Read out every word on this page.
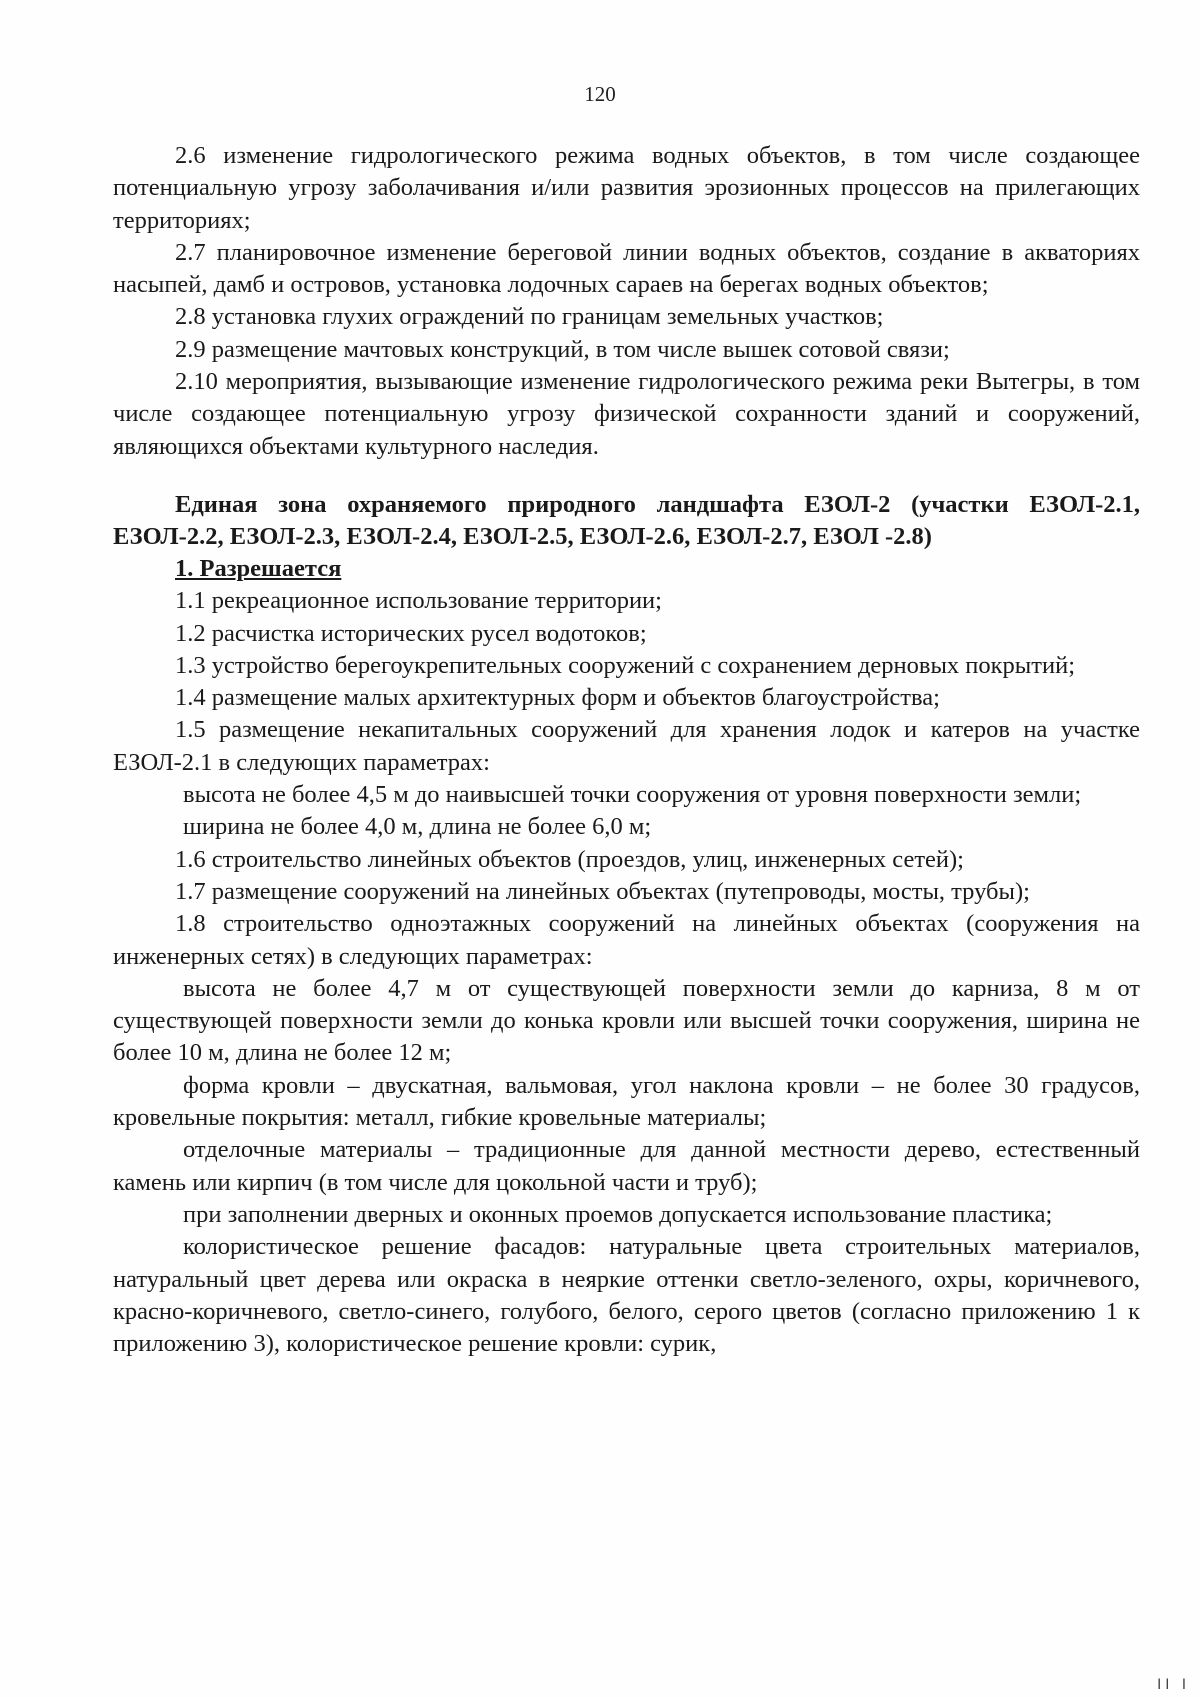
120

2.6 изменение гидрологического режима водных объектов, в том числе создающее потенциальную угрозу заболачивания и/или развития эрозионных процессов на прилегающих территориях;

2.7 планировочное изменение береговой линии водных объектов, создание в акваториях насыпей, дамб и островов, установка лодочных сараев на берегах водных объектов;

2.8 установка глухих ограждений по границам земельных участков;

2.9 размещение мачтовых конструкций, в том числе вышек сотовой связи;

2.10 мероприятия, вызывающие изменение гидрологического режима реки Вытегры, в том числе создающее потенциальную угрозу физической сохранности зданий и сооружений, являющихся объектами культурного наследия.

Единая зона охраняемого природного ландшафта ЕЗОЛ-2 (участки ЕЗОЛ-2.1, ЕЗОЛ-2.2, ЕЗОЛ-2.3, ЕЗОЛ-2.4, ЕЗОЛ-2.5, ЕЗОЛ-2.6, ЕЗОЛ-2.7, ЕЗОЛ -2.8)

1. Разрешается

1.1 рекреационное использование территории;

1.2 расчистка исторических русел водотоков;

1.3 устройство берегоукрепительных сооружений с сохранением дерновых покрытий;

1.4 размещение малых архитектурных форм и объектов благоустройства;

1.5 размещение некапитальных сооружений для хранения лодок и катеров на участке ЕЗОЛ-2.1 в следующих параметрах:

высота не более 4,5 м до наивысшей точки сооружения от уровня поверхности земли;

ширина не более 4,0 м, длина не более 6,0 м;

1.6 строительство линейных объектов (проездов, улиц, инженерных сетей);

1.7 размещение сооружений на линейных объектах (путепроводы, мосты, трубы);

1.8 строительство одноэтажных сооружений на линейных объектах (сооружения на инженерных сетях) в следующих параметрах:

высота не более 4,7 м от существующей поверхности земли до карниза, 8 м от существующей поверхности земли до конька кровли или высшей точки сооружения, ширина не более 10 м, длина не более 12 м;

форма кровли – двускатная, вальмовая, угол наклона кровли – не более 30 градусов, кровельные покрытия: металл, гибкие кровельные материалы;

отделочные материалы – традиционные для данной местности дерево, естественный камень или кирпич (в том числе для цокольной части и труб);

при заполнении дверных и оконных проемов допускается использование пластика;

колористическое решение фасадов: натуральные цвета строительных материалов, натуральный цвет дерева или окраска в неяркие оттенки светло-зеленого, охры, коричневого, красно-коричневого, светло-синего, голубого, белого, серого цветов (согласно приложению 1 к приложению 3), колористическое решение кровли: сурик,

II I
